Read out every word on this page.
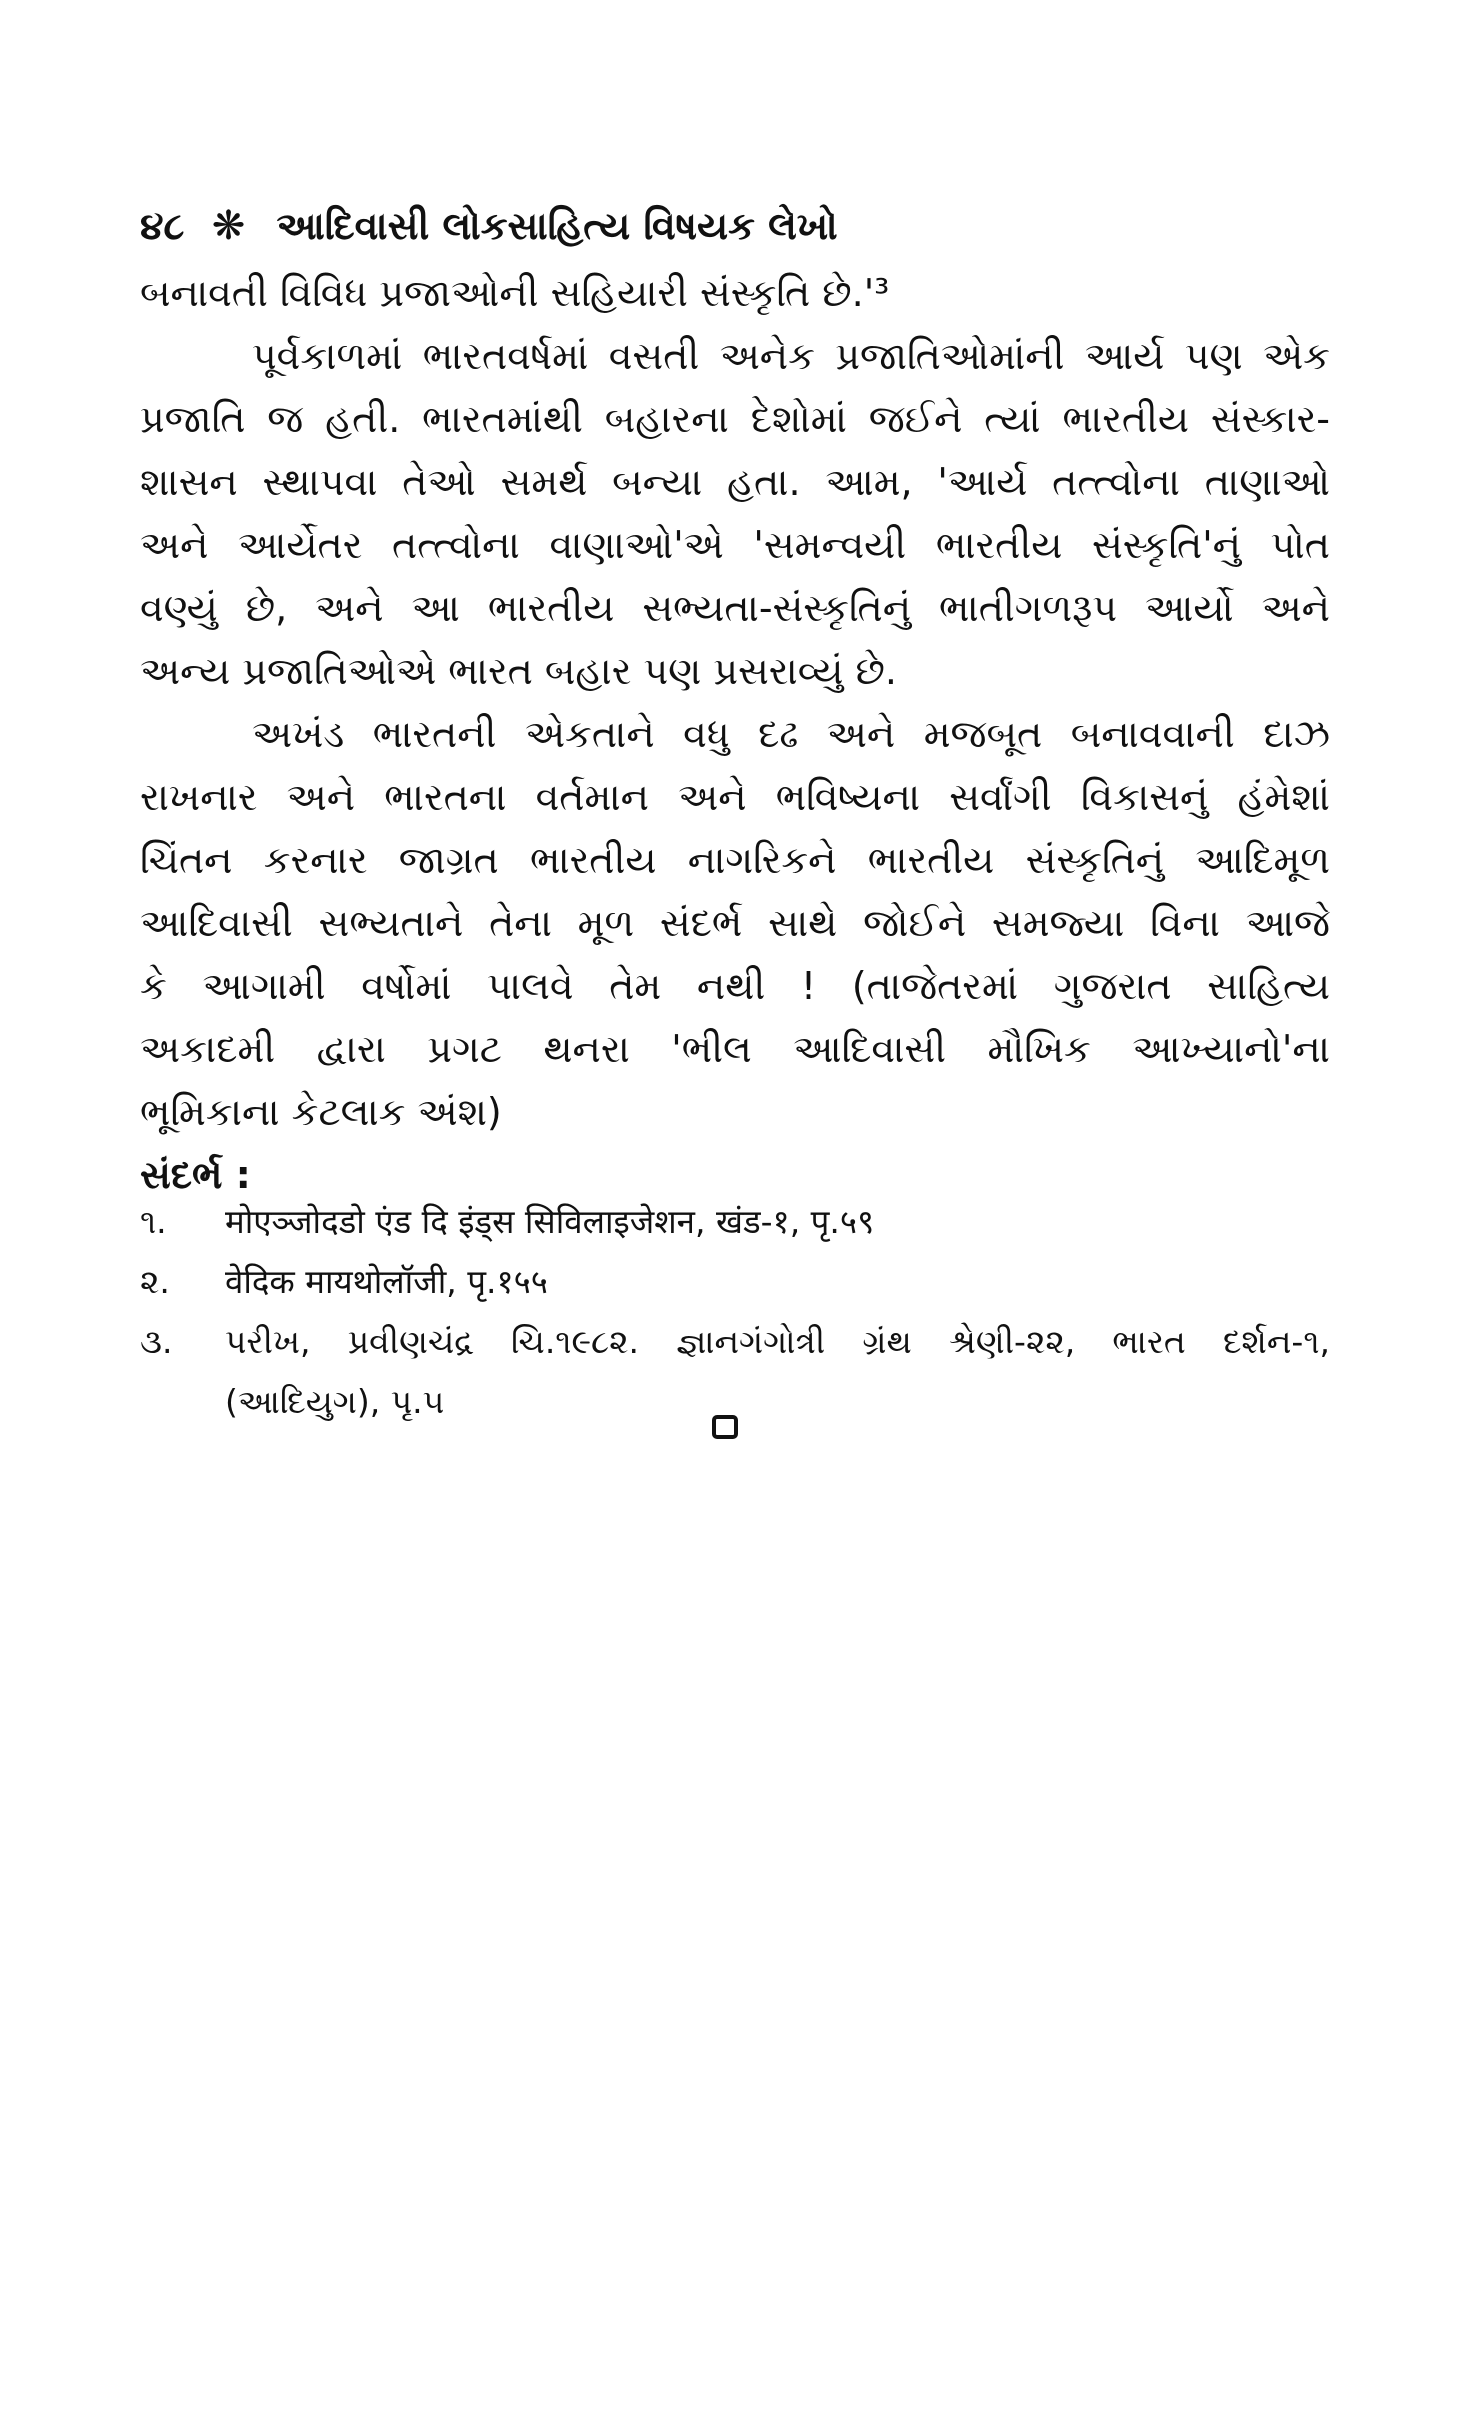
૪૮ ❋ આદિવાસી લોકસાહિત્ય વિષયક લેખો
બનાવતી વિવિધ પ્રજાઓની સહિયારી સંસ્કૃતિ છે.'³
પૂર્વકાળમાં ભારતવર્ષમાં વસતી અનેક પ્રજાતિઓમાંની આર્ય પણ એક
પ્રજાતિ જ હતી. ભારતમાંથી બહારના દેશોમાં જઈને ત્યાં ભારતીય સંસ્કાર-
શાસન સ્થાપવા તેઓ સમર્થ બન્યા હતા. આમ, 'આર્ય તત્ત્વોના તાણાઓ
અને આર્યેતર તત્ત્વોના વાણાઓ'એ 'સમન્વયી ભારતીય સંસ્કૃતિ'નું પોત
વણ્યું છે, અને આ ભારતીય સભ્યતા-સંસ્કૃતિનું ભાતીગળરૂપ આર્યો અને
અન્ય પ્રજાતિઓએ ભારત બહાર પણ પ્રસરાવ્યું છે.
અખંડ ભારતની એકતાને વધુ દઢ અને મજબૂત બનાવવાની દાઝ
રાખનાર અને ભારતના વર્તમાન અને ભવિષ્યના સર્વાંગી વિકાસનું હંમેશાં
ચિંતન કરનાર જાગ્રત ભારતીય નાગરિકને ભારતીય સંસ્કૃતિનું આદિમૂળ
આદિવાસી સભ્યતાને તેના મૂળ સંદર્ભ સાથે જોઈને સમજ્યા વિના આજે
કે આગામી વર્ષોમાં પાલવે તેમ નથી ! (તાજેતરમાં ગુજરાત સાહિત્ય
અકાદમી દ્વારા પ્રગટ થનરા 'ભીલ આદિવાસી મૌખિક આખ્યાનો'ના
ભૂમિકાના કેટલાક અંશ)
સંદર્ભ :
૧.	मोएञ्जोदडो एंड दि इंड्स सिविलाइजेशन, खंड-१, पृ.५९
૨.	वेदिक मायथोलॉजी, पृ.१५५
૩.	પરીખ, પ્રવીણચંદ્ર ચિ.૧૯૮૨. જ્ઞાનગંગોત્રી ગ્રંથ શ્રેણી-૨૨, ભારત દર્શન-૧,
(આદિયુગ), પૃ.૫
